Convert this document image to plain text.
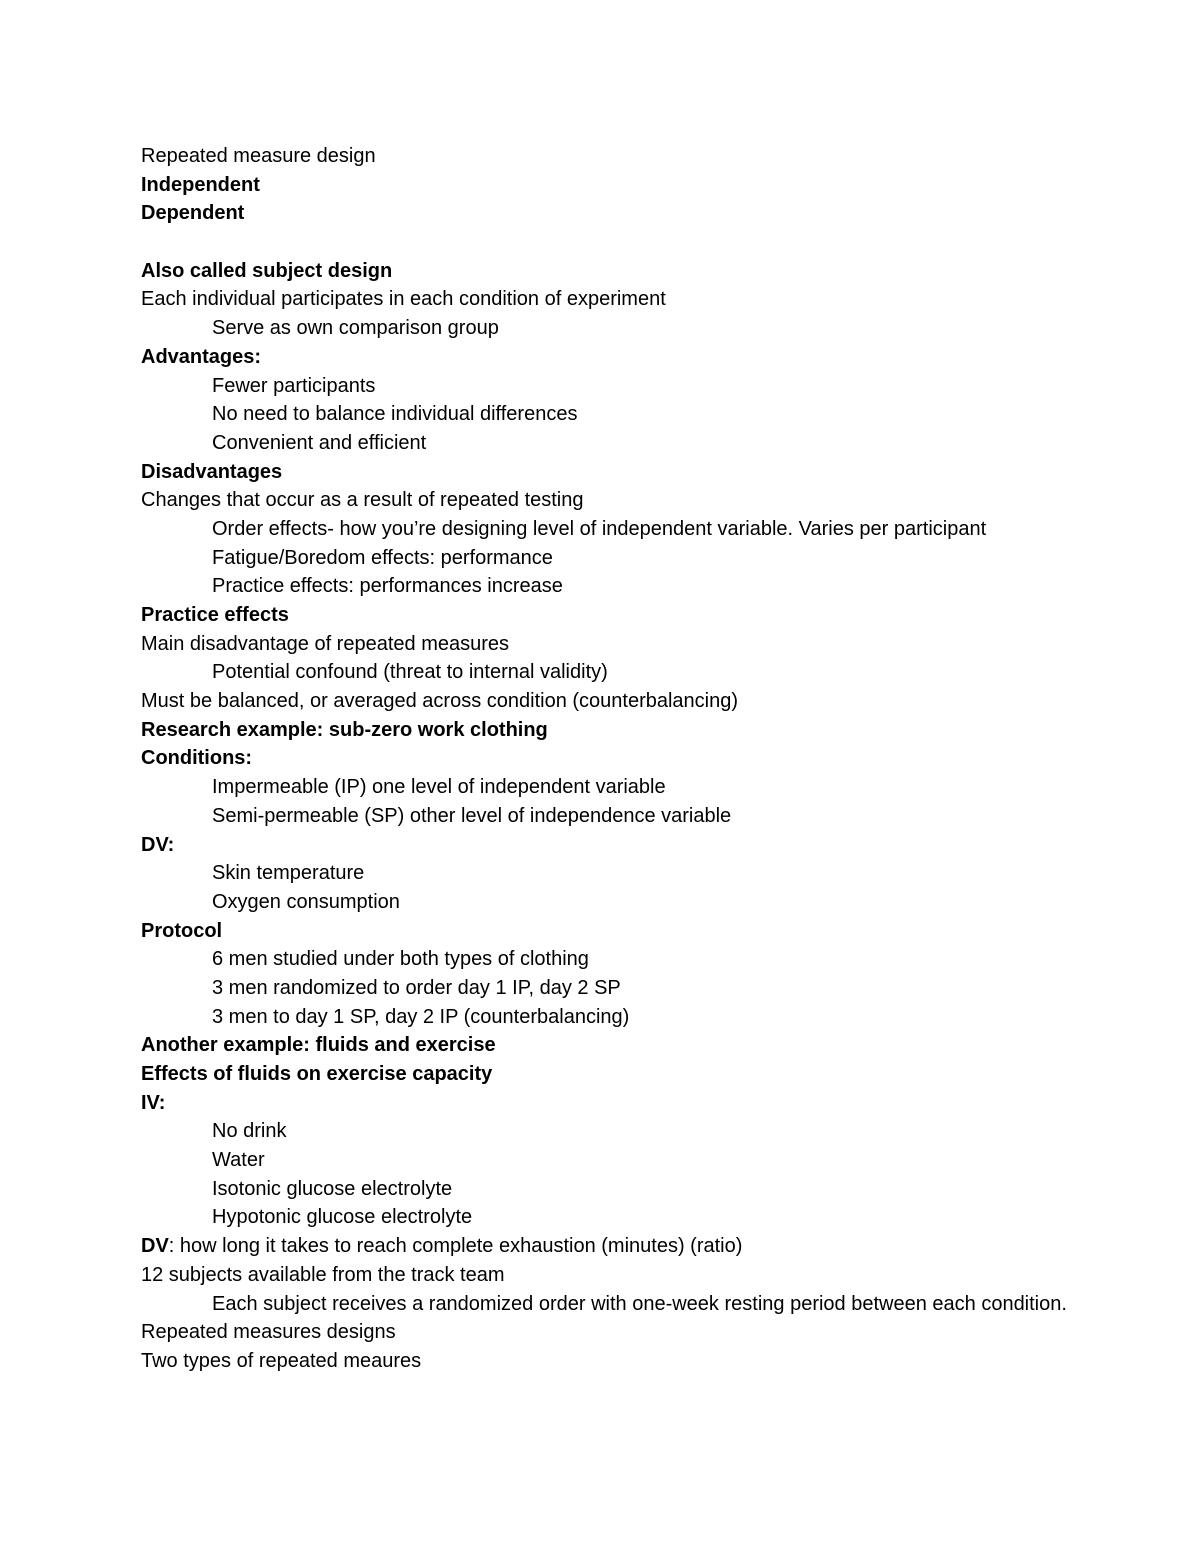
Repeated measure design
Independent
Dependent
Also called subject design
Each individual participates in each condition of experiment
Serve as own comparison group
Advantages:
Fewer participants
No need to balance individual differences
Convenient and efficient
Disadvantages
Changes that occur as a result of repeated testing
Order effects- how you’re designing level of independent variable. Varies per participant
Fatigue/Boredom effects: performance
Practice effects: performances increase
Practice effects
Main disadvantage of repeated measures
Potential confound (threat to internal validity)
Must be balanced, or averaged across condition (counterbalancing)
Research example: sub-zero work clothing
Conditions:
Impermeable (IP) one level of independent variable
Semi-permeable (SP) other level of independence variable
DV:
Skin temperature
Oxygen consumption
Protocol
6 men studied under both types of clothing
3 men randomized to order day 1 IP, day 2 SP
3 men to day 1 SP, day 2 IP (counterbalancing)
Another example: fluids and exercise
Effects of fluids on exercise capacity
IV:
No drink
Water
Isotonic glucose electrolyte
Hypotonic glucose electrolyte
DV: how long it takes to reach complete exhaustion (minutes) (ratio)
12 subjects available from the track team
Each subject receives a randomized order with one-week resting period between each condition.
Repeated measures designs
Two types of repeated meaures
